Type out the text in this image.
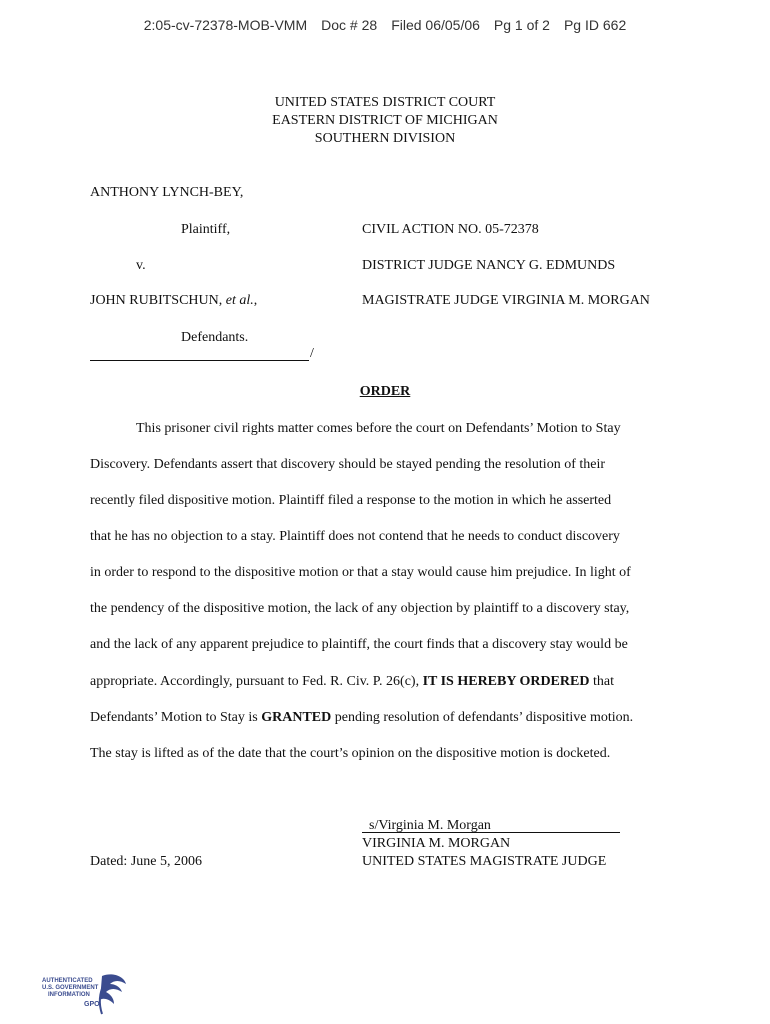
2:05-cv-72378-MOB-VMM Doc # 28 Filed 06/05/06 Pg 1 of 2 Pg ID 662
UNITED STATES DISTRICT COURT
EASTERN DISTRICT OF MICHIGAN
SOUTHERN DIVISION
ANTHONY LYNCH-BEY,
Plaintiff,
v.
JOHN RUBITSCHUN, et al.,
Defendants.
/
CIVIL ACTION NO. 05-72378
DISTRICT JUDGE NANCY G. EDMUNDS
MAGISTRATE JUDGE VIRGINIA M. MORGAN
ORDER
This prisoner civil rights matter comes before the court on Defendants’ Motion to Stay
Discovery. Defendants assert that discovery should be stayed pending the resolution of their
recently filed dispositive motion. Plaintiff filed a response to the motion in which he asserted
that he has no objection to a stay. Plaintiff does not contend that he needs to conduct discovery
in order to respond to the dispositive motion or that a stay would cause him prejudice. In light of
the pendency of the dispositive motion, the lack of any objection by plaintiff to a discovery stay,
and the lack of any apparent prejudice to plaintiff, the court finds that a discovery stay would be
appropriate. Accordingly, pursuant to Fed. R. Civ. P. 26(c), IT IS HEREBY ORDERED that
Defendants’ Motion to Stay is GRANTED pending resolution of defendants’ dispositive motion.
The stay is lifted as of the date that the court’s opinion on the dispositive motion is docketed.
s/Virginia M. Morgan
VIRGINIA M. MORGAN
UNITED STATES MAGISTRATE JUDGE
Dated: June 5, 2006
AUTHENTICATED
U.S. GOVERNMENT
INFORMATION
GPO
